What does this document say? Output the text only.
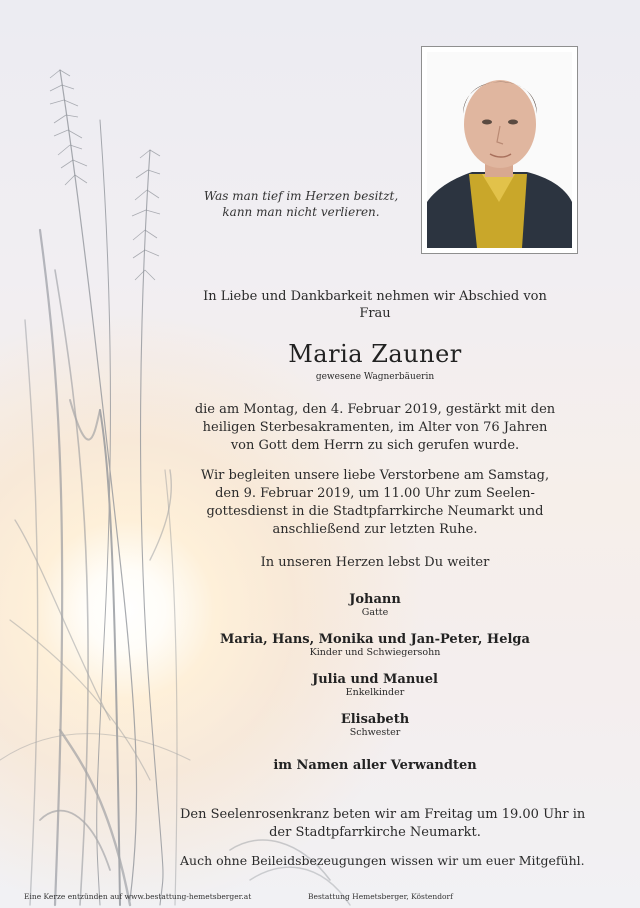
Was man tief im Herzen besitzt,
kann man nicht verlieren.
In Liebe und Dankbarkeit nehmen wir Abschied von
Frau
Maria Zauner
gewesene Wagnerbäuerin
die am Montag, den 4. Februar 2019, gestärkt mit den
heiligen Sterbesakramenten, im Alter von 76 Jahren
von Gott dem Herrn zu sich gerufen wurde.
Wir begleiten unsere liebe Verstorbene am Samstag,
den 9. Februar 2019, um 11.00 Uhr zum Seelen-
gottesdienst in die Stadtpfarrkirche Neumarkt und
anschließend zur letzten Ruhe.
In unseren Herzen lebst Du weiter
Johann
Gatte
Maria, Hans, Monika und Jan-Peter, Helga
Kinder und Schwiegersohn
Julia und Manuel
Enkelkinder
Elisabeth
Schwester
im Namen aller Verwandten
Den Seelenrosenkranz beten wir am Freitag um 19.00 Uhr in
der Stadtpfarrkirche Neumarkt.
Auch ohne Beileidsbezeugungen wissen wir um euer Mitgefühl.
Eine Kerze entzünden auf www.bestattung-hemetsberger.at	Bestattung Hemetsberger, Köstendorf
